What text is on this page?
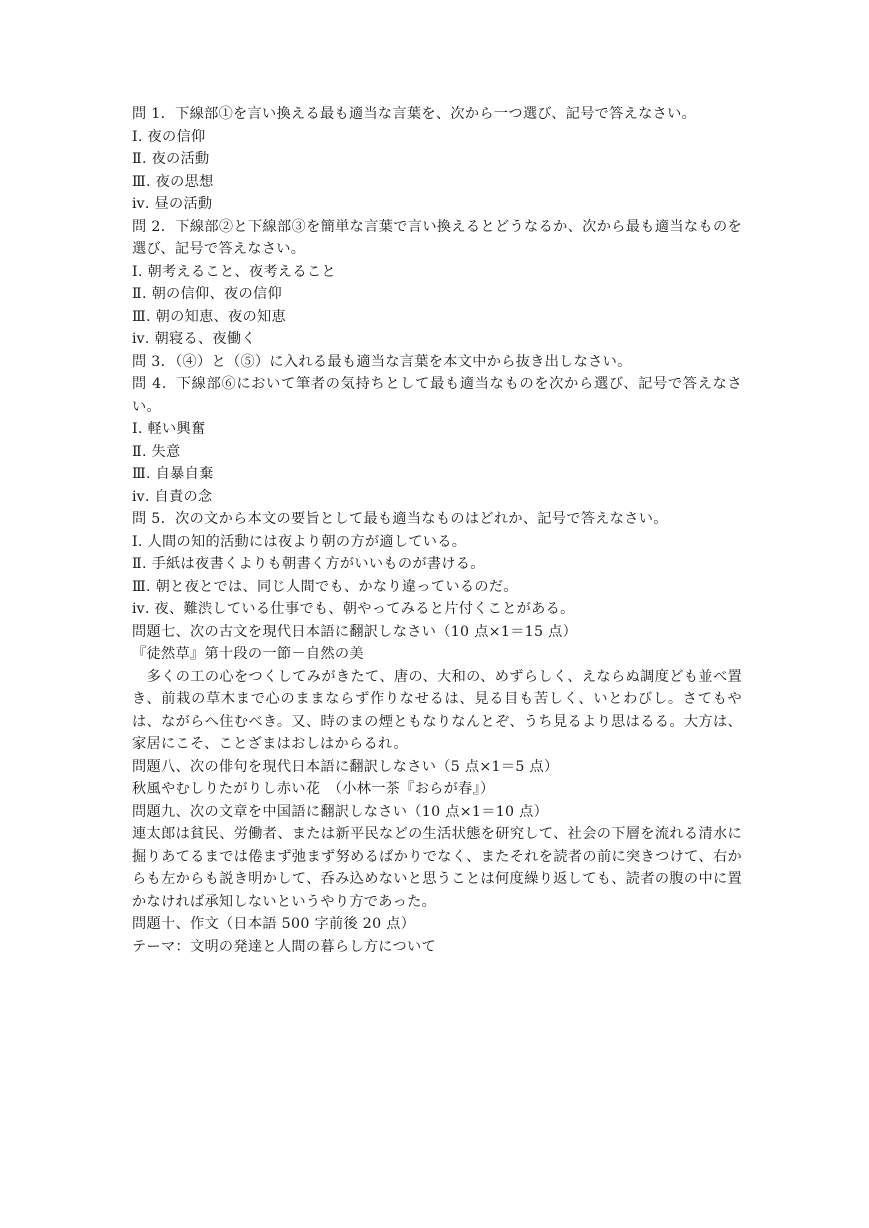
問 1．下線部①を言い換える最も適当な言葉を、次から一つ選び、記号で答えなさい。
Ⅰ. 夜の信仰
Ⅱ. 夜の活動
Ⅲ. 夜の思想
ⅳ. 昼の活動
問 2．下線部②と下線部③を簡単な言葉で言い換えるとどうなるか、次から最も適当なものを選び、記号で答えなさい。
Ⅰ. 朝考えること、夜考えること
Ⅱ. 朝の信仰、夜の信仰
Ⅲ. 朝の知恵、夜の知恵
ⅳ. 朝寝る、夜働く
問 3．（④）と（⑤）に入れる最も適当な言葉を本文中から抜き出しなさい。
問 4．下線部⑥において筆者の気持ちとして最も適当なものを次から選び、記号で答えなさい。
Ⅰ. 軽い興奮
Ⅱ. 失意
Ⅲ. 自暴自棄
ⅳ. 自責の念
問 5．次の文から本文の要旨として最も適当なものはどれか、記号で答えなさい。
Ⅰ. 人間の知的活動には夜より朝の方が適している。
Ⅱ. 手紙は夜書くよりも朝書く方がいいものが書ける。
Ⅲ. 朝と夜とでは、同じ人間でも、かなり違っているのだ。
ⅳ. 夜、難渋している仕事でも、朝やってみると片付くことがある。
問題七、次の古文を現代日本語に翻訳しなさい（10 点×1＝15 点）
『徒然草』第十段の一節－自然の美
　多くの工の心をつくしてみがきたて、唐の、大和の、めずらしく、えならぬ調度ども並べ置き、前栽の草木まで心のままならず作りなせるは、見る目も苦しく、いとわびし。さてもやは、ながらへ住むべき。又、時のまの煙ともなりなんとぞ、うち見るより思はるる。大方は、家居にこそ、ことざまはおしはからるれ。
問題八、次の俳句を現代日本語に翻訳しなさい（5 点×1＝5 点）
秋風やむしりたがりし赤い花　（小林一茶『おらが春』）
問題九、次の文章を中国語に翻訳しなさい（10 点×1＝10 点）
連太郎は貧民、労働者、または新平民などの生活状態を研究して、社会の下層を流れる清水に掘りあてるまでは倦まず弛まず努めるばかりでなく、またそれを読者の前に突きつけて、右からも左からも説き明かして、呑み込めないと思うことは何度繰り返しても、読者の腹の中に置かなければ承知しないというやり方であった。
問題十、作文（日本語 500 字前後 20 点）
テーマ：文明の発達と人間の暮らし方について
